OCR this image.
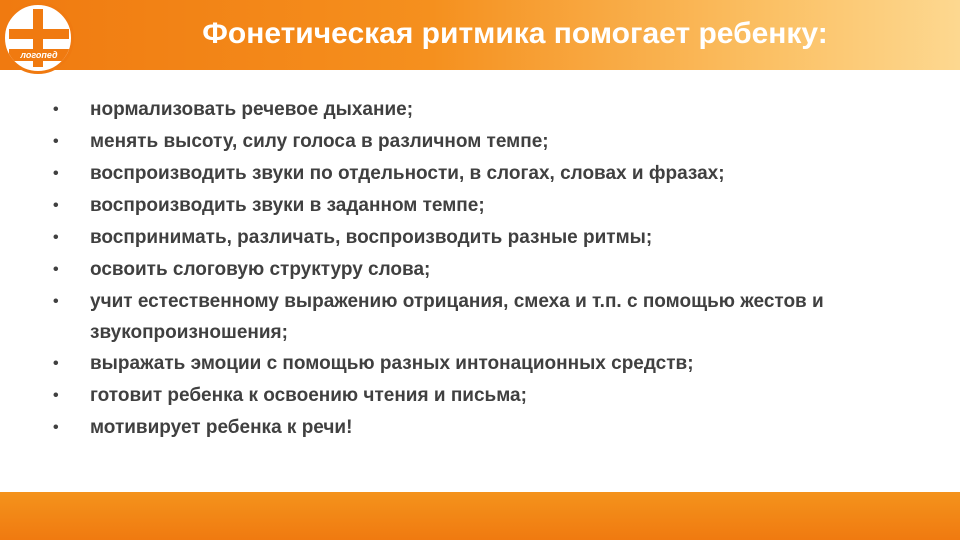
логопед
Фонетическая ритмика помогает ребенку:
• нормализовать речевое дыхание;
• менять высоту, силу голоса в различном темпе;
• воспроизводить звуки по отдельности, в слогах, словах и фразах;
• воспроизводить звуки в заданном темпе;
• воспринимать, различать, воспроизводить разные ритмы;
• освоить слоговую структуру слова;
• учит естественному выражению отрицания, смеха и т.п. с помощью жестов и звукопроизношения;
• выражать эмоции с помощью разных интонационных средств;
• готовит ребенка к освоению чтения и письма;
• мотивирует ребенка к речи!
